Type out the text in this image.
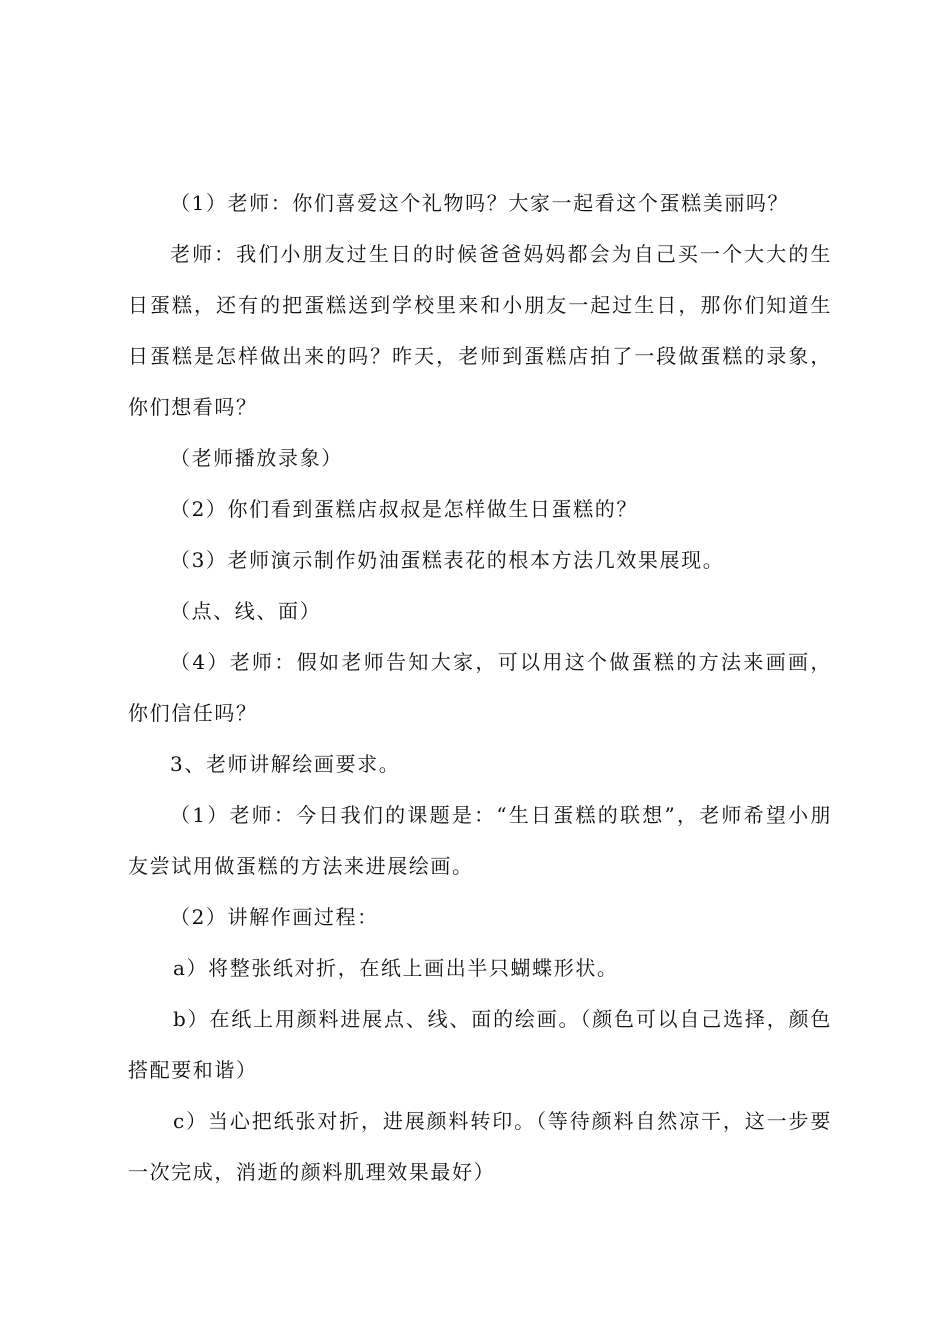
（1）老师：你们喜爱这个礼物吗？大家一起看这个蛋糕美丽吗？

老师：我们小朋友过生日的时候爸爸妈妈都会为自己买一个大大的生日蛋糕，还有的把蛋糕送到学校里来和小朋友一起过生日，那你们知道生日蛋糕是怎样做出来的吗？昨天，老师到蛋糕店拍了一段做蛋糕的录象，你们想看吗？

（老师播放录象）

（2）你们看到蛋糕店叔叔是怎样做生日蛋糕的？

（3）老师演示制作奶油蛋糕表花的根本方法几效果展现。

（点、线、面）

（4）老师：假如老师告知大家，可以用这个做蛋糕的方法来画画，你们信任吗？

3、老师讲解绘画要求。

（1）老师：今日我们的课题是：“生日蛋糕的联想”，老师希望小朋友尝试用做蛋糕的方法来进展绘画。

（2）讲解作画过程：

a）将整张纸对折，在纸上画出半只蝴蝶形状。

b）在纸上用颜料进展点、线、面的绘画。（颜色可以自己选择，颜色搭配要和谐）

c）当心把纸张对折，进展颜料转印。（等待颜料自然凉干，这一步要一次完成，消逝的颜料肌理效果最好）
